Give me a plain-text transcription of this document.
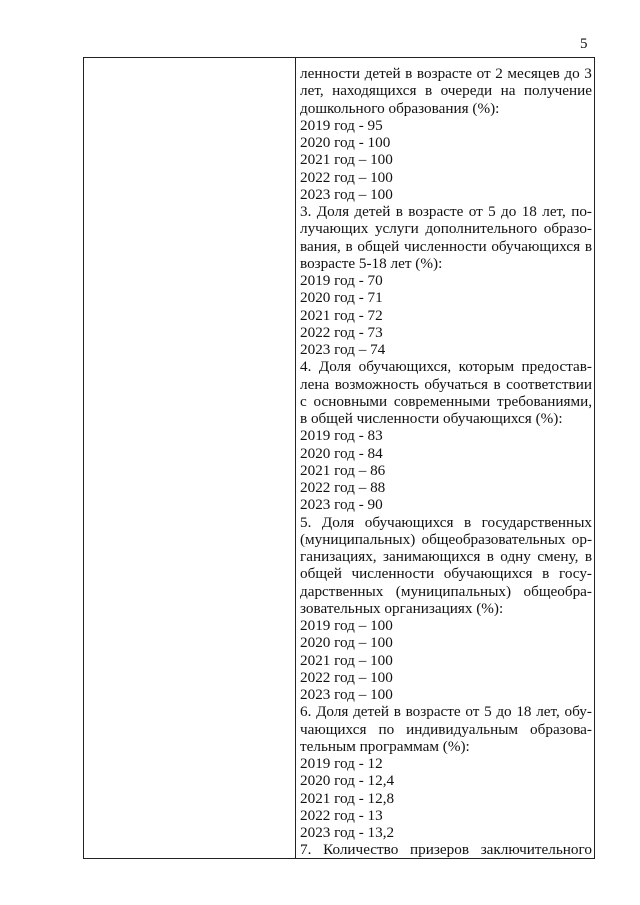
5
ленности детей в возрасте от 2 месяцев до 3
лет, находящихся в очереди на получение
дошкольного образования (%):
2019 год - 95
2020 год - 100
2021 год – 100
2022 год – 100
2023 год – 100
3. Доля детей в возрасте от 5 до 18 лет, по-
лучающих услуги дополнительного образо-
вания, в общей численности обучающихся в
возрасте 5-18 лет (%):
2019 год - 70
2020 год - 71
2021 год - 72
2022 год - 73
2023 год – 74
4. Доля обучающихся, которым предостав-
лена возможность обучаться в соответствии
с основными современными требованиями,
в общей численности обучающихся (%):
2019 год - 83
2020 год - 84
2021 год – 86
2022 год – 88
2023 год - 90
5. Доля обучающихся в государственных
(муниципальных) общеобразовательных ор-
ганизациях, занимающихся в одну смену, в
общей численности обучающихся в госу-
дарственных (муниципальных) общеобра-
зовательных организациях (%):
2019 год – 100
2020 год – 100
2021 год – 100
2022 год – 100
2023 год – 100
6. Доля детей в возрасте от 5 до 18 лет, обу-
чающихся по индивидуальным образова-
тельным программам (%):
2019 год - 12
2020 год - 12,4
2021 год - 12,8
2022 год - 13
2023 год - 13,2
7. Количество призеров заключительного
